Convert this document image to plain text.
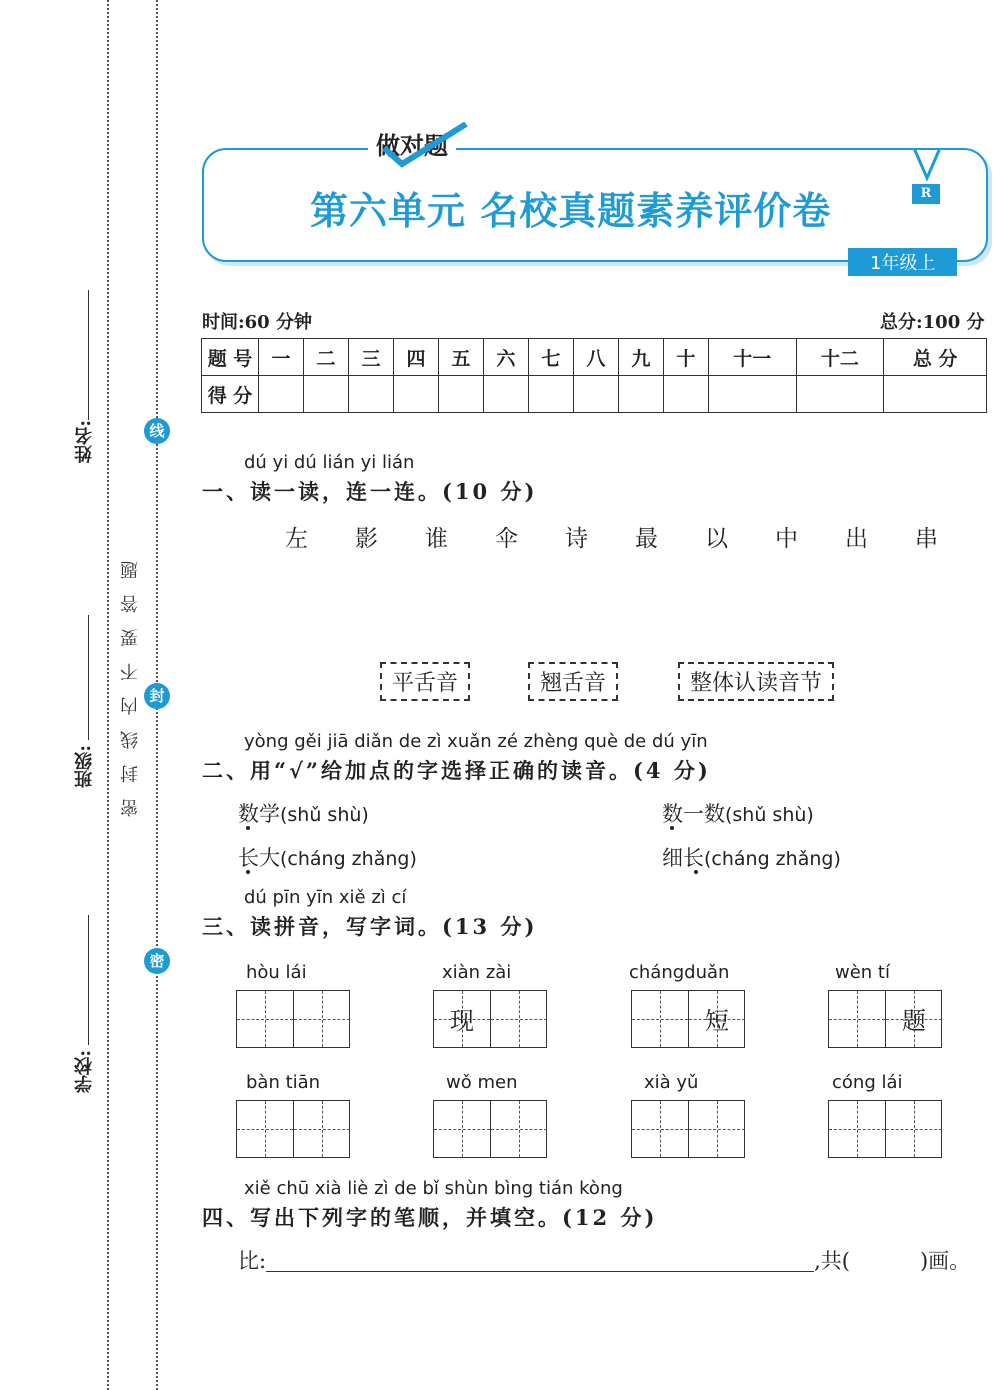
姓名:
班级:
学校:
线
封
密
密封线内不要答题
做对题
第六单元 名校真题素养评价卷	R
1年级上
时间:60 分钟	总分:100 分
题 号	一	二	三	四	五	六	七	八	九	十	十一	十二	总 分
得 分													
dú yi dú lián yi lián
一、读一读，连一连。(10 分)
左 影 谁 伞 诗 最 以 中 出 串
平舌音	翘舌音	整体认读音节
yòng gěi jiā diǎn de zì xuǎn zé zhèng què de dú yīn
二、用“√”给加点的字选择正确的读音。(4 分)
数学(shǔ shù)	数一数(shǔ shù)
长大(cháng zhǎng)	细长(cháng zhǎng)
dú pīn yīn xiě zì cí
三、读拼音，写字词。(13 分)
hòu lái	xiàn zài
现
chángduǎn
短
wèn tí
题
bàn tiān	wǒ men	xià yǔ	cóng lái
xiě chū xià liè zì de bǐ shùn bìng tián kòng
四、写出下列字的笔顺，并填空。(12 分)
比:	,共(	)画。
